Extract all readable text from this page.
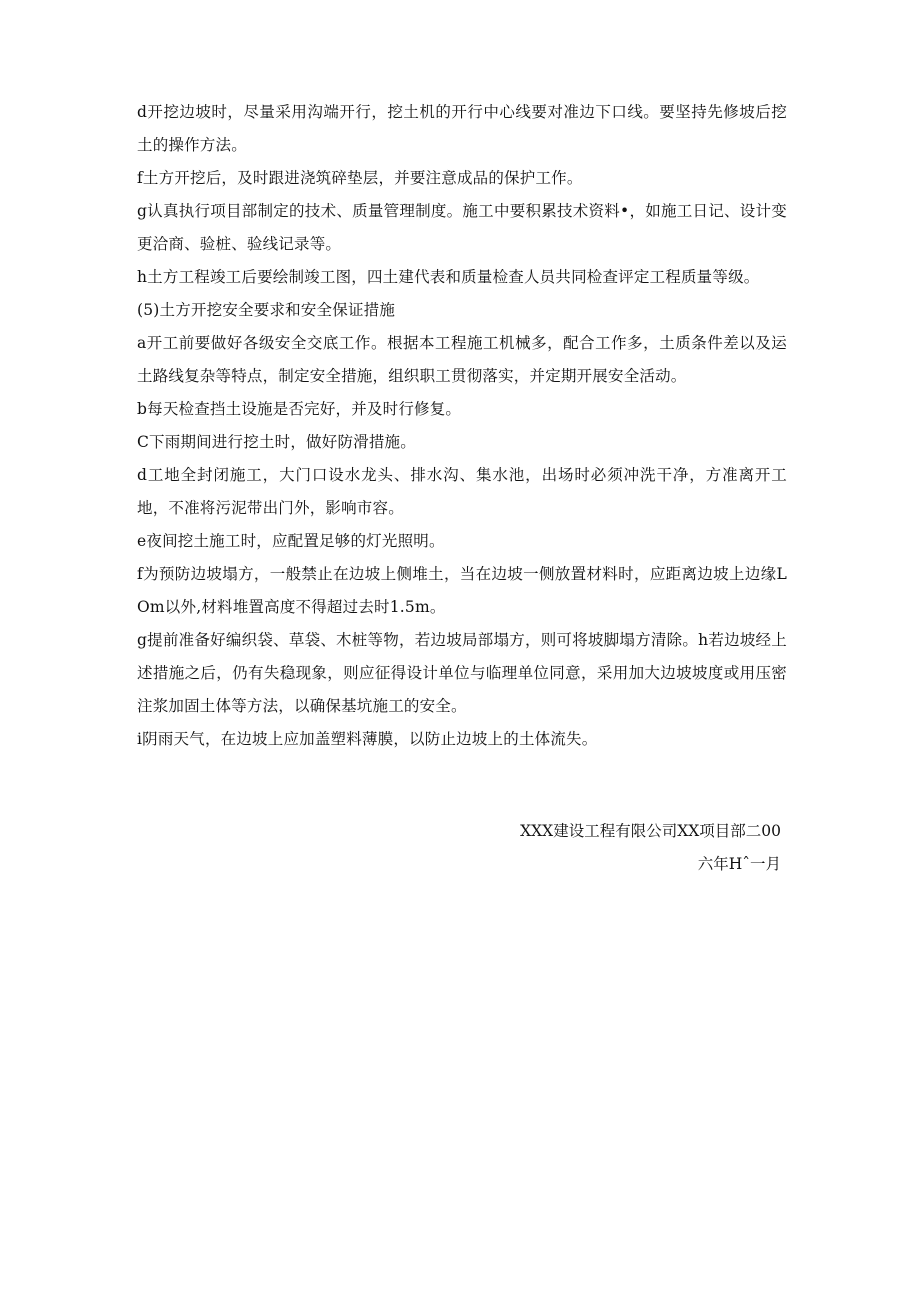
d开挖边坡时，尽量采用沟端开行，挖土机的开行中心线要对准边下口线。要坚持先修坡后挖土的操作方法。

f土方开挖后，及时跟进浇筑碎垫层，并要注意成品的保护工作。

g认真执行项目部制定的技术、质量管理制度。施工中要积累技术资料•，如施工日记、设计变更洽商、验桩、验线记录等。

h土方工程竣工后要绘制竣工图，四土建代表和质量检查人员共同检查评定工程质量等级。

(5)土方开挖安全要求和安全保证措施

a开工前要做好各级安全交底工作。根据本工程施工机械多，配合工作多，土质条件差以及运土路线复杂等特点，制定安全措施，组织职工贯彻落实，并定期开展安全活动。

b每天检查挡土设施是否完好，并及时行修复。

C下雨期间进行挖土时，做好防滑措施。

d工地全封闭施工，大门口设水龙头、排水沟、集水池，出场时必须冲洗干净，方准离开工地，不准将污泥带出门外，影响市容。

e夜间挖土施工时，应配置足够的灯光照明。

f为预防边坡塌方，一般禁止在边坡上侧堆土，当在边坡一侧放置材料时，应距离边坡上边缘LOm以外,材料堆置高度不得超过去时1.5m。

g提前准备好编织袋、草袋、木桩等物，若边坡局部塌方，则可将坡脚塌方清除。h若边坡经上述措施之后，仍有失稳现象，则应征得设计单位与临理单位同意，采用加大边坡坡度或用压密注浆加固土体等方法，以确保基坑施工的安全。

i阴雨天气，在边坡上应加盖塑料薄膜，以防止边坡上的土体流失。

XXX建设工程有限公司XX项目部二00
六年Hˆ一月
